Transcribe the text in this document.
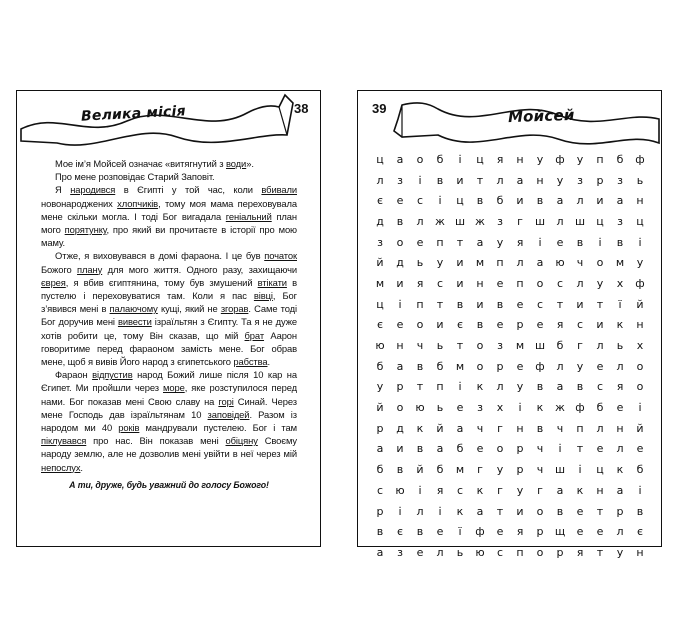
Велика місія	38

Мое ім’я Мойсей означає «витягнутий з води».

Про мене розповідає Старий Заповіт.

Я народився в Єгипті у той час, коли вбивали новонароджених хлопчиків, тому моя мама переховувала мене скільки могла. І тоді Бог вигадала геніальний план мого порятунку, про який ви прочитаєте в історії про мою маму.

Отже, я виховувався в домі фараона. І це був початок Божого плану для мого життя. Одного разу, захищаючи єврея, я вбив єгиптянина, тому був змушений втікати в пустелю і переховуватися там. Коли я пас вівці, Бог з’явився мені в палаючому кущі, який не згорав. Саме тоді Бог доручив мені вивести ізраїльтян з Єгипту. Та я не дуже хотів робити це, тому Він сказав, що мій брат Аарон говоритиме перед фараоном замість мене. Бог обрав мене, щоб я вивів Його народ з єгипетського рабства.

Фараон відпустив народ Божий лише після 10 кар на Єгипет. Ми пройшли через море, яке розступилося перед нами. Бог показав мені Свою славу на горі Синай. Через мене Господь дав ізраїльтянам 10 заповідей. Разом із народом ми 40 років мандрували пустелею. Бог і там піклувався про нас. Він показав мені обіцяну Своєму народу землю, але не дозволив мені увійти в неї через мій непослух.

А ти, друже, будь уважний до голосу Божого!

39	Мойсей
ц	а	о	б	і	ц	я	н	у	ф	у	п	б	ф
л	з	і	в	и	т	л	а	н	у	з	р	з	ь
є	е	с	і	ц	в	б	и	в	а	л	и	а	н
д	в	л	ж	ш	ж	з	г	ш	л	ш	ц	з	ц
з	о	е	п	т	а	у	я	і	е	в	і	в	і
й	д	ь	у	и	м	п	л	а	ю	ч	о	м	у
м	и	я	с	и	н	е	п	о	с	л	у	х	ф
ц	і	п	т	в	и	в	е	с	т	и	т	ї	й
є	е	о	и	є	в	е	р	е	я	с	и	к	н
ю	н	ч	ь	т	о	з	м	ш	б	г	л	ь	х
б	а	в	б	м	о	р	е	ф	л	у	е	л	о
у	р	т	п	і	к	л	у	в	а	в	с	я	о
й	о	ю	ь	е	з	х	і	к	ж	ф	б	е	і
р	д	к	й	а	ч	г	н	в	ч	п	л	н	й
а	и	в	а	б	е	о	р	ч	і	т	е	л	е
б	в	й	б	м	г	у	р	ч	ш	і	ц	к	б
с	ю	і	я	с	к	г	у	г	а	к	н	а	і
р	і	л	і	к	а	т	и	о	в	е	т	р	в
в	є	в	е	ї	ф	е	я	р	щ	е	е	л	є
а	з	е	л	ь	ю	с	п	о	р	я	т	у	н
